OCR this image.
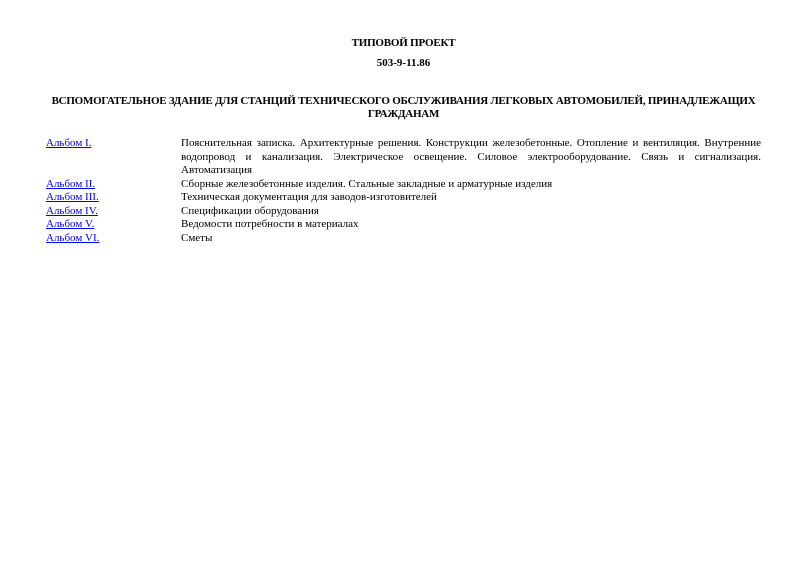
ТИПОВОЙ ПРОЕКТ
503-9-11.86
ВСПОМОГАТЕЛЬНОЕ ЗДАНИЕ ДЛЯ СТАНЦИЙ ТЕХНИЧЕСКОГО ОБСЛУЖИВАНИЯ ЛЕГКОВЫХ АВТОМОБИЛЕЙ, ПРИНАДЛЕЖАЩИХ ГРАЖДАНАМ
Альбом I.	Пояснительная записка. Архитектурные решения. Конструкции железобетонные. Отопление и вентиляция. Внутренние водопровод и канализация. Электрическое освещение. Силовое электрооборудование. Связь и сигнализация. Автоматизация
Альбом II.	Сборные железобетонные изделия. Стальные закладные и арматурные изделия
Альбом III.	Техническая документация для заводов-изготовителей
Альбом IV.	Спецификации оборудования
Альбом V.	Ведомости потребности в материалах
Альбом VI.	Сметы
